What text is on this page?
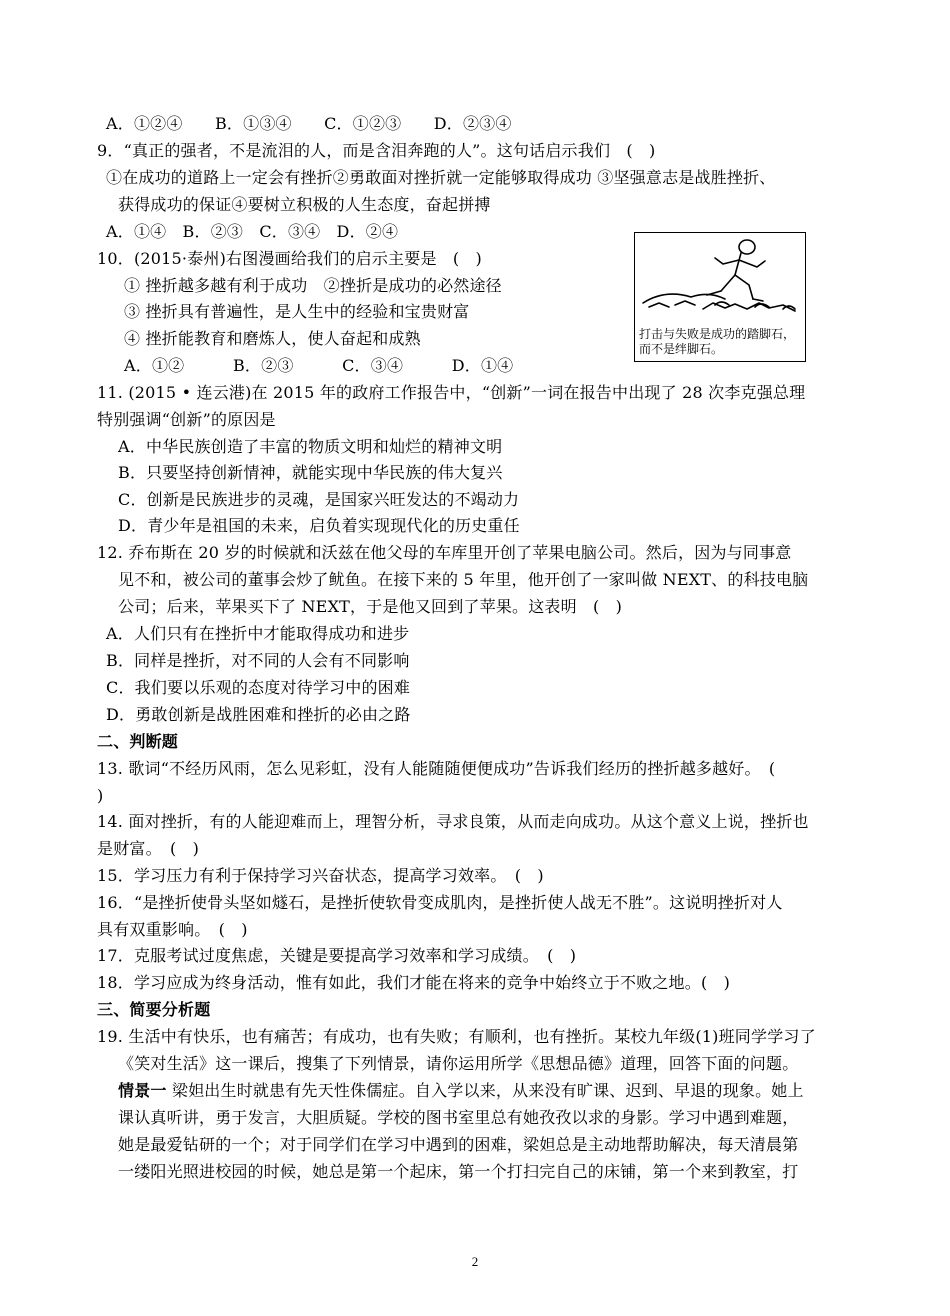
A．①②④　　B．①③④　　C．①②③　　D．②③④
9．“真正的强者，不是流泪的人，而是含泪奔跑的人”。这句话启示我们　(　)
①在成功的道路上一定会有挫折②勇敢面对挫折就一定能够取得成功 ③坚强意志是战胜挫折、
获得成功的保证④要树立积极的人生态度，奋起拼搏
A．①④　B．②③　C．③④　D．②④
10．(2015·泰州)右图漫画给我们的启示主要是　(　)
① 挫折越多越有利于成功　②挫折是成功的必然途径
③ 挫折具有普遍性，是人生中的经验和宝贵财富
④ 挫折能教育和磨炼人，使人奋起和成熟
A．①②　　　B．②③　　　C．③④　　　D．①④
打击与失败是成功的踏脚石，
而不是绊脚石。
11. (2015 • 连云港)在 2015 年的政府工作报告中，“创新”一词在报告中出现了 28 次李克强总理
特别强调“创新”的原因是
A．中华民族创造了丰富的物质文明和灿烂的精神文明
B．只要坚持创新情神，就能实现中华民族的伟大复兴
C．创新是民族进步的灵魂，是国家兴旺发达的不竭动力
D．青少年是祖国的未来，启负着实现现代化的历史重任
12. 乔布斯在 20 岁的时候就和沃兹在他父母的车库里开创了苹果电脑公司。然后，因为与同事意
见不和，被公司的董事会炒了鱿鱼。在接下来的 5 年里，他开创了一家叫做 NEXT、的科技电脑
公司；后来，苹果买下了 NEXT，于是他又回到了苹果。这表明　(　)
A．人们只有在挫折中才能取得成功和进步
B．同样是挫折，对不同的人会有不同影响
C．我们要以乐观的态度对待学习中的困难
D．勇敢创新是战胜困难和挫折的必由之路
二、判断题
13. 歌词“不经历风雨，怎么见彩虹，没有人能随随便便成功”告诉我们经历的挫折越多越好。　(
)
14. 面对挫折，有的人能迎难而上，理智分析，寻求良策，从而走向成功。从这个意义上说，挫折也
是财富。　(　)
15．学习压力有利于保持学习兴奋状态，提高学习效率。　(　)
16．“是挫折使骨头坚如燧石，是挫折使软骨变成肌肉，是挫折使人战无不胜”。这说明挫折对人
具有双重影响。　(　)
17．克服考试过度焦虑，关键是要提高学习效率和学习成绩。　(　)
18．学习应成为终身活动，惟有如此，我们才能在将来的竞争中始终立于不败之地。(　)
三、简要分析题
19. 生活中有快乐，也有痛苦；有成功，也有失败；有顺利，也有挫折。某校九年级(1)班同学学习了
《笑对生活》这一课后，搜集了下列情景，请你运用所学《思想品德》道理，回答下面的问题。
情景一 梁妲出生时就患有先天性侏儒症。自入学以来，从来没有旷课、迟到、早退的现象。她上
课认真听讲，勇于发言，大胆质疑。学校的图书室里总有她孜孜以求的身影。学习中遇到难题，
她是最爱钻研的一个；对于同学们在学习中遇到的困难，梁妲总是主动地帮助解决，每天清晨第
一缕阳光照进校园的时候，她总是第一个起床，第一个打扫完自己的床铺，第一个来到教室，打
2
